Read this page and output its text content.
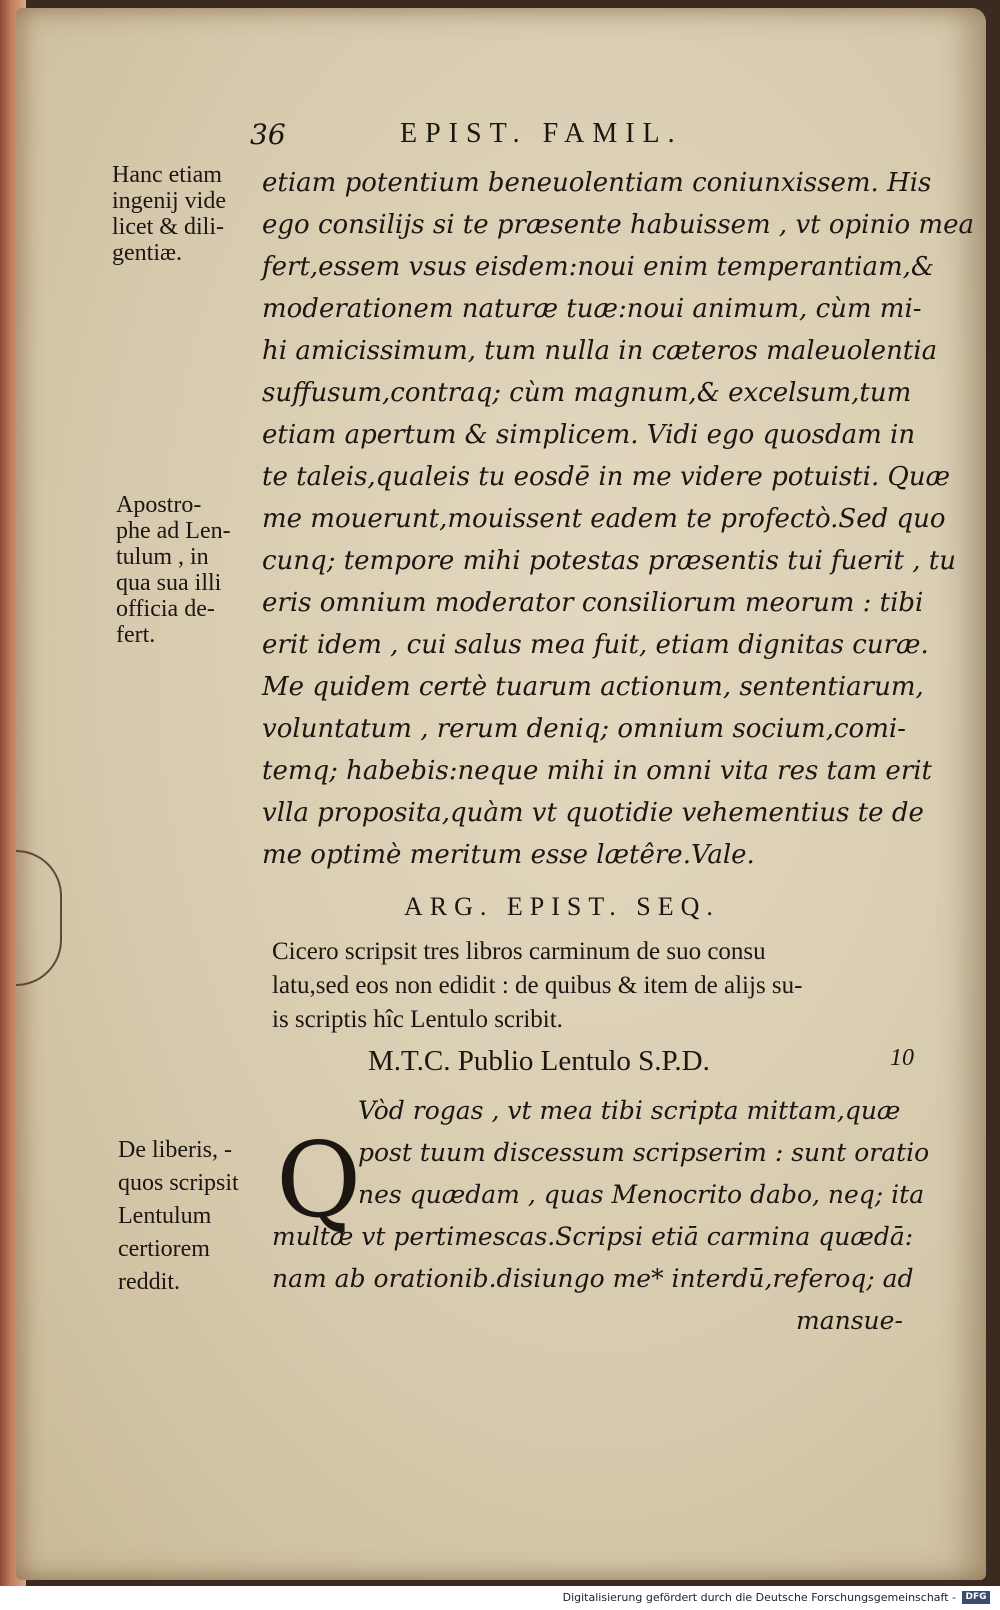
36	EPIST. FAMIL.
Hanc etiam
ingenij vide
licet & dili-
gentiæ.
Apostro-
phe ad Len-
tulum , in
qua sua illi
officia de-
fert.
De liberis, -
quos scripsit
Lentulum
certiorem
reddit.
etiam potentium beneuolentiam coniunxissem. His
ego consilijs si te præsente habuissem , vt opinio mea
fert,essem vsus eisdem:noui enim temperantiam,&
moderationem naturæ tuæ:noui animum, cùm mi-
hi amicissimum, tum nulla in cæteros maleuolentia
suffusum,contraq; cùm magnum,& excelsum,tum
etiam apertum & simplicem. Vidi ego quosdam in
te taleis,qualeis tu eosdē in me videre potuisti. Quæ
me mouerunt,mouissent eadem te profectò.Sed quo
cunq; tempore mihi potestas præsentis tui fuerit , tu
eris omnium moderator consiliorum meorum : tibi
erit idem , cui salus mea fuit, etiam dignitas curæ.
Me quidem certè tuarum actionum, sententiarum,
voluntatum , rerum deniq; omnium socium,comi-
temq; habebis:neque mihi in omni vita res tam erit
vlla proposita,quàm vt quotidie vehementius te de
me optimè meritum esse lætêre.Vale.
ARG. EPIST. SEQ.
Cicero scripsit tres libros carminum de suo consu
latu,sed eos non edidit : de quibus & item de alijs su-
is scriptis hîc Lentulo scribit.
M.T.C. Publio Lentulo S.P.D.	10
Q
Vòd rogas , vt mea tibi scripta mittam,quæ
post tuum discessum scripserim : sunt oratio
nes quædam , quas Menocrito dabo, neq; ita
multæ vt pertimescas.Scripsi etiā carmina quædā:
nam ab orationib.disiungo me* interdū,referoq; ad
mansue-
Digitalisierung gefördert durch die Deutsche Forschungsgemeinschaft -	DFG
